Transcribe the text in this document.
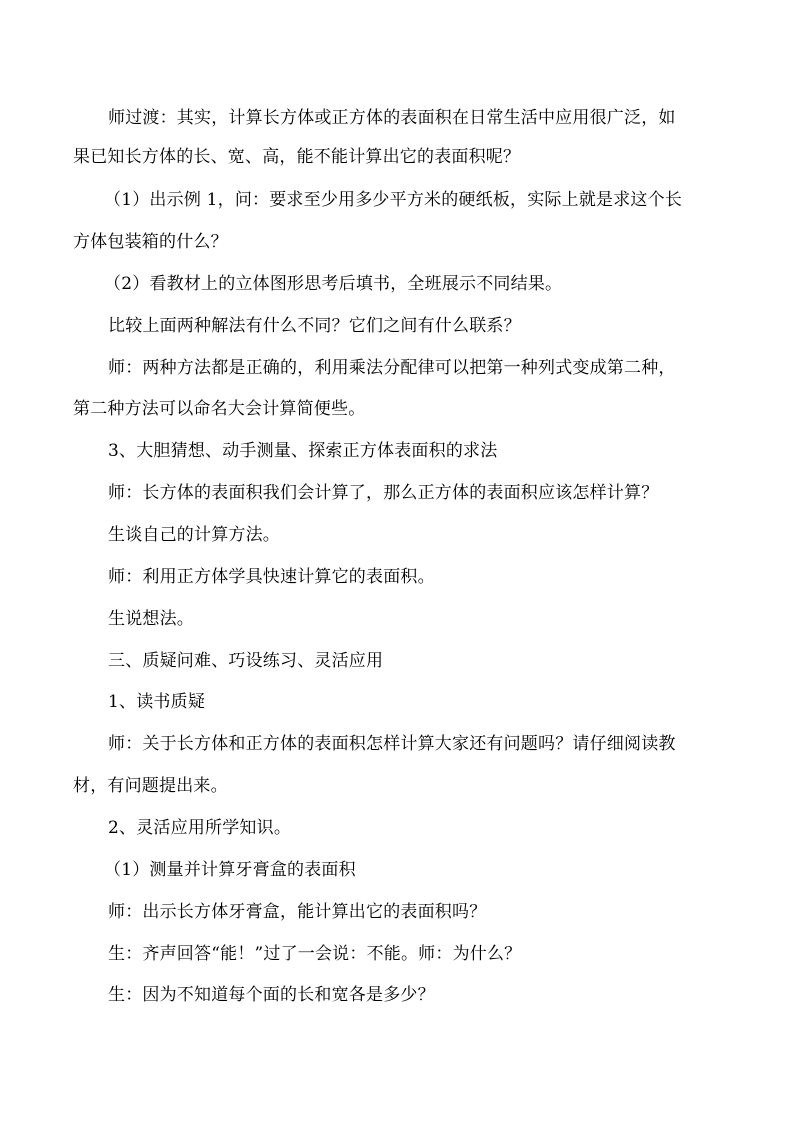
师过渡：其实，计算长方体或正方体的表面积在日常生活中应用很广泛，如
果已知长方体的长、宽、高，能不能计算出它的表面积呢？
（1）出示例 1，问：要求至少用多少平方米的硬纸板，实际上就是求这个长
方体包装箱的什么？
（2）看教材上的立体图形思考后填书，全班展示不同结果。
比较上面两种解法有什么不同？它们之间有什么联系？
师：两种方法都是正确的，利用乘法分配律可以把第一种列式变成第二种，
第二种方法可以命名大会计算简便些。
3、大胆猜想、动手测量、探索正方体表面积的求法
师：长方体的表面积我们会计算了，那么正方体的表面积应该怎样计算？
生谈自己的计算方法。
师：利用正方体学具快速计算它的表面积。
生说想法。
三、质疑问难、巧设练习、灵活应用
1、读书质疑
师：关于长方体和正方体的表面积怎样计算大家还有问题吗？请仔细阅读教
材，有问题提出来。
2、灵活应用所学知识。
（1）测量并计算牙膏盒的表面积
师：出示长方体牙膏盒，能计算出它的表面积吗？
生：齐声回答“能！”过了一会说：不能。师：为什么？
生：因为不知道每个面的长和宽各是多少？
